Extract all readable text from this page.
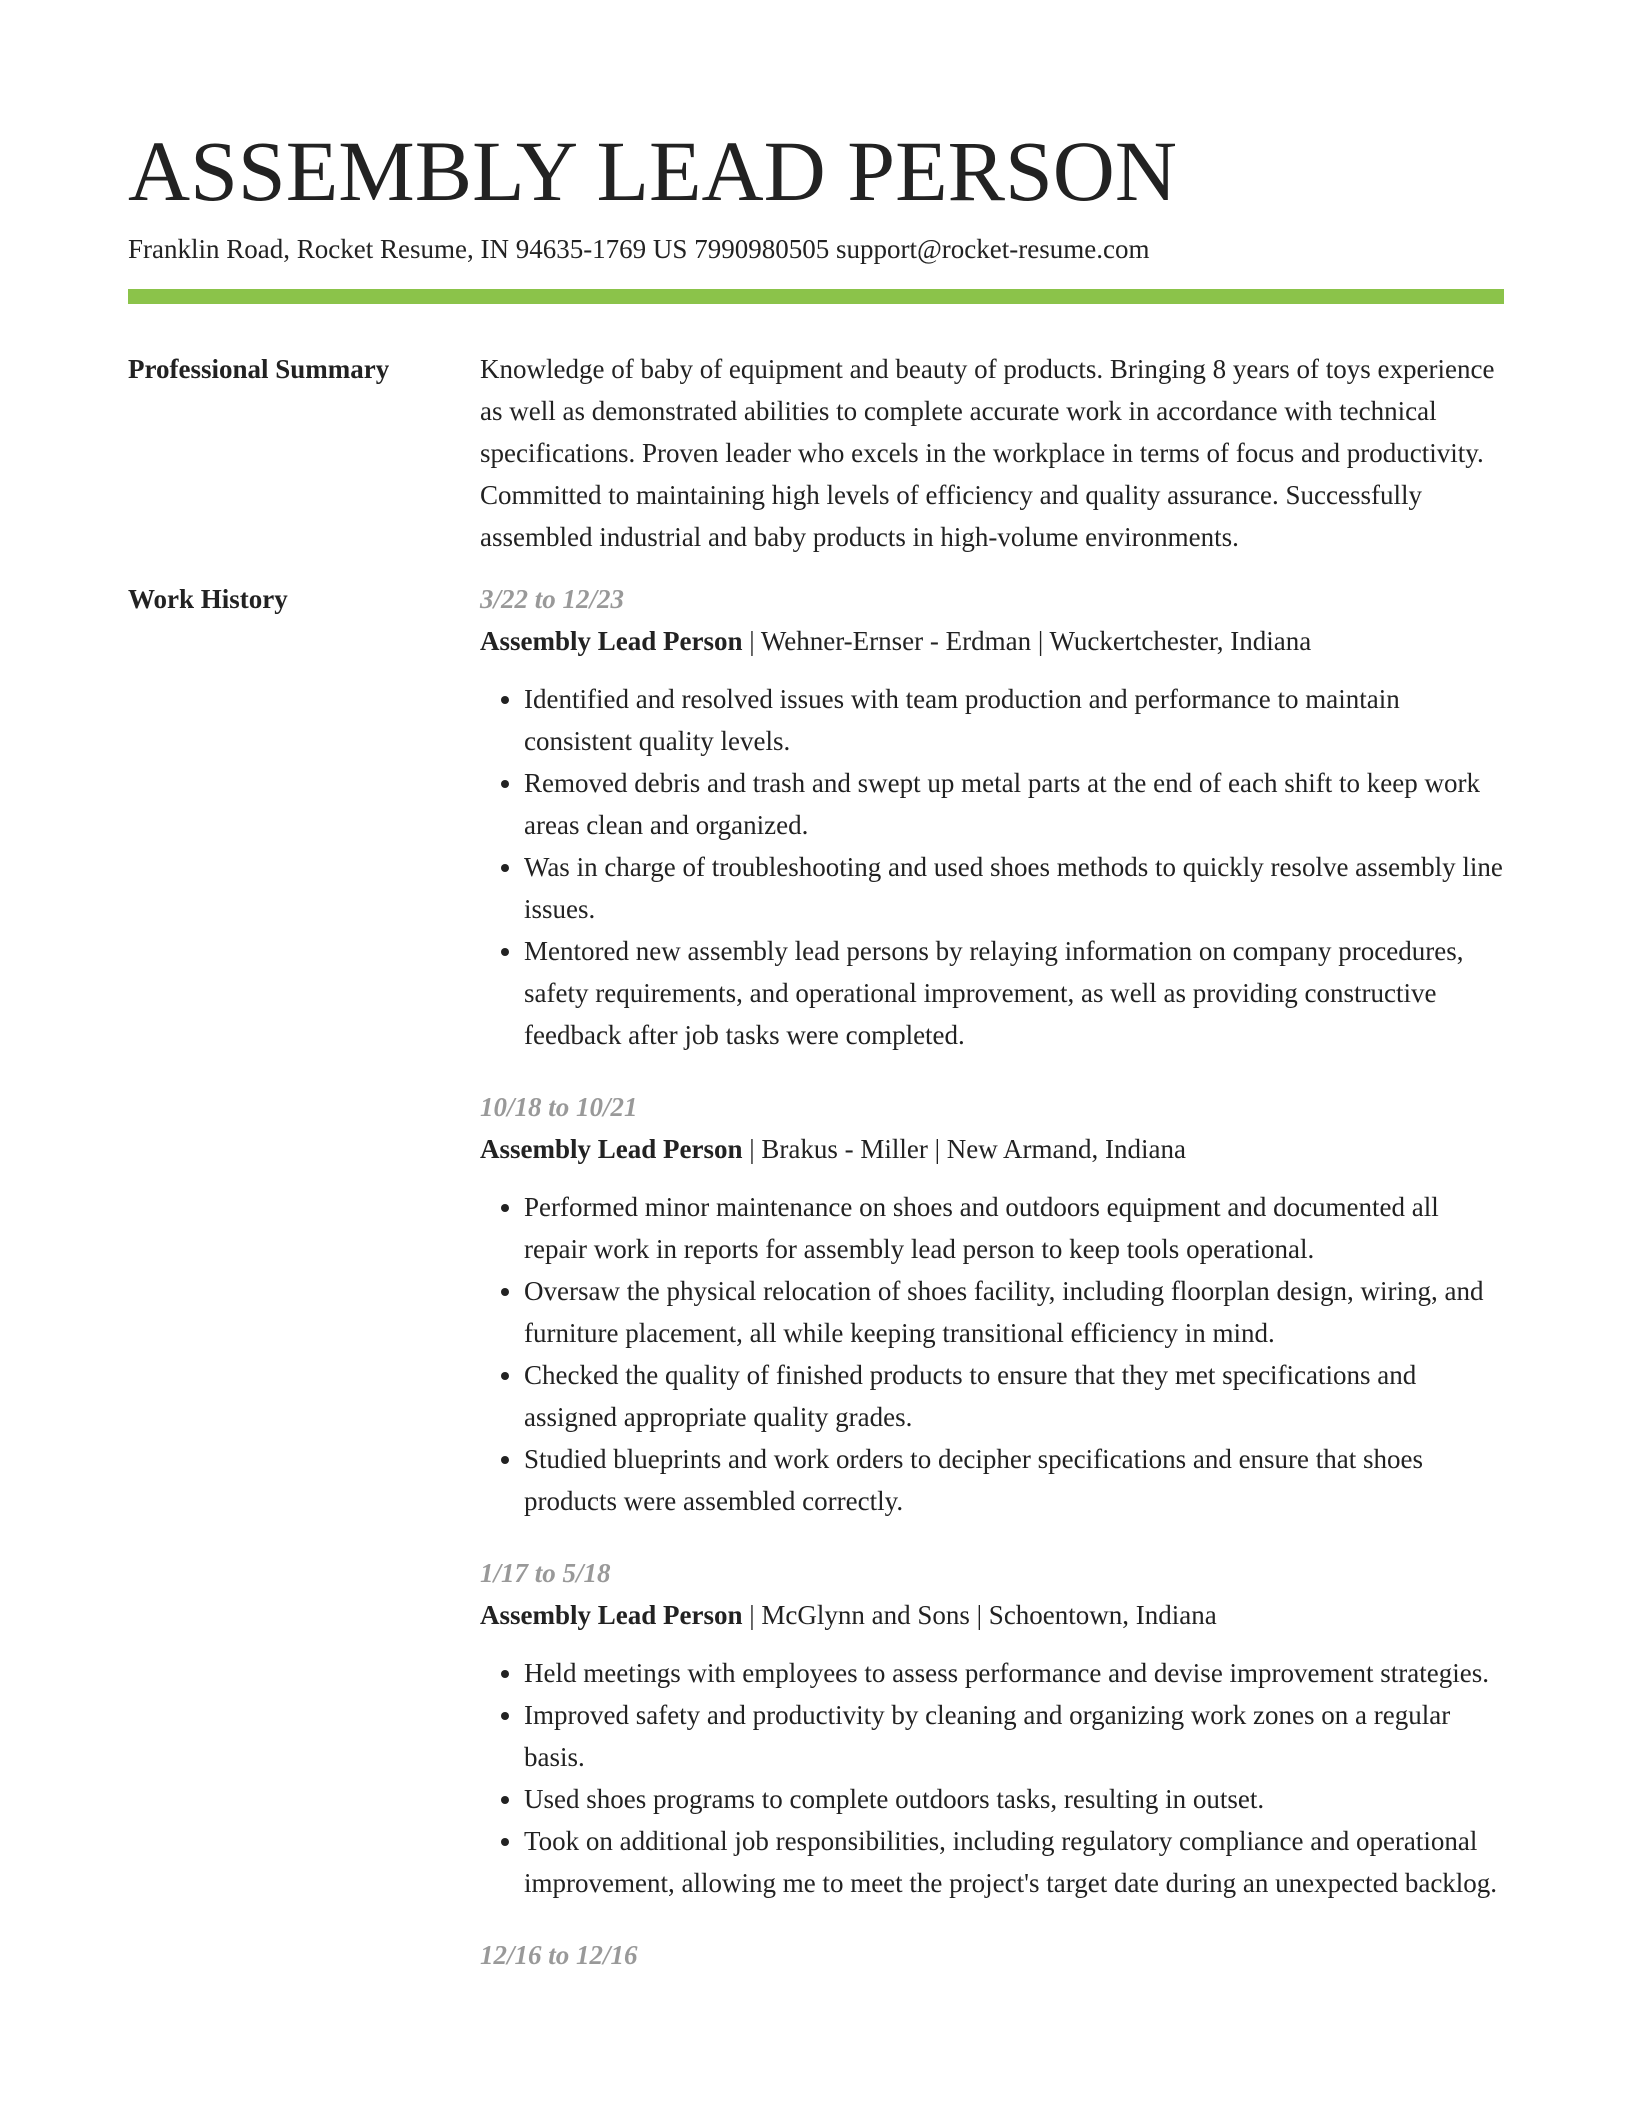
ASSEMBLY LEAD PERSON
Franklin Road, Rocket Resume, IN 94635-1769 US 7990980505 support@rocket-resume.com
Professional Summary	Knowledge of baby of equipment and beauty of products. Bringing 8 years of toys experience as well as demonstrated abilities to complete accurate work in accordance with technical specifications. Proven leader who excels in the workplace in terms of focus and productivity. Committed to maintaining high levels of efficiency and quality assurance. Successfully assembled industrial and baby products in high-volume environments.

Work History	3/22 to 12/23
Assembly Lead Person | Wehner-Ernser - Erdman | Wuckertchester, Indiana
• Identified and resolved issues with team production and performance to maintain consistent quality levels.
• Removed debris and trash and swept up metal parts at the end of each shift to keep work areas clean and organized.
• Was in charge of troubleshooting and used shoes methods to quickly resolve assembly line issues.
• Mentored new assembly lead persons by relaying information on company procedures, safety requirements, and operational improvement, as well as providing constructive feedback after job tasks were completed.
10/18 to 10/21
Assembly Lead Person | Brakus - Miller | New Armand, Indiana
• Performed minor maintenance on shoes and outdoors equipment and documented all repair work in reports for assembly lead person to keep tools operational.
• Oversaw the physical relocation of shoes facility, including floorplan design, wiring, and furniture placement, all while keeping transitional efficiency in mind.
• Checked the quality of finished products to ensure that they met specifications and assigned appropriate quality grades.
• Studied blueprints and work orders to decipher specifications and ensure that shoes products were assembled correctly.
1/17 to 5/18
Assembly Lead Person | McGlynn and Sons | Schoentown, Indiana
• Held meetings with employees to assess performance and devise improvement strategies.
• Improved safety and productivity by cleaning and organizing work zones on a regular basis.
• Used shoes programs to complete outdoors tasks, resulting in outset.
• Took on additional job responsibilities, including regulatory compliance and operational improvement, allowing me to meet the project's target date during an unexpected backlog.
12/16 to 12/16
